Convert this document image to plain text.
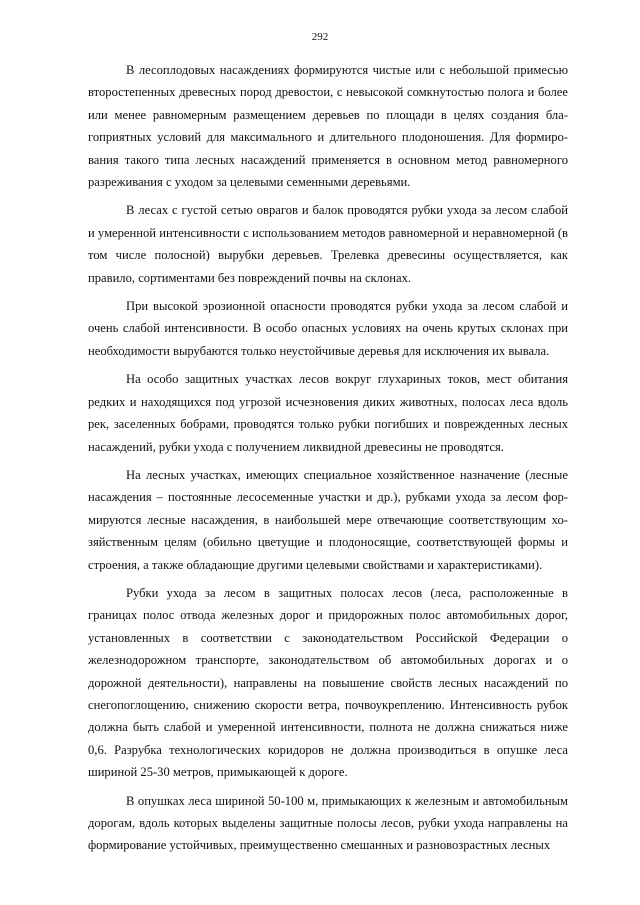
292

В лесоплодовых насаждениях формируются чистые или с небольшой примесью второстепенных древесных пород древостои, с невысокой сомкнутостью полога и более или менее равномерным размещением деревьев по площади в целях создания благоприятных условий для максимального и длительного плодоношения. Для формирования такого типа лесных насаждений применяется в основном метод равномерного разреживания с уходом за целевыми семенными деревьями.

В лесах с густой сетью оврагов и балок проводятся рубки ухода за лесом слабой и умеренной интенсивности с использованием методов равномерной и неравномерной (в том числе полосной) вырубки деревьев. Трелевка древесины осуществляется, как правило, сортиментами без повреждений почвы на склонах.

При высокой эрозионной опасности проводятся рубки ухода за лесом слабой и очень слабой интенсивности. В особо опасных условиях на очень крутых склонах при необходимости вырубаются только неустойчивые деревья для исключения их вывала.

На особо защитных участках лесов вокруг глухариных токов, мест обитания редких и находящихся под угрозой исчезновения диких животных, полосах леса вдоль рек, заселенных бобрами, проводятся только рубки погибших и поврежденных лесных насаждений, рубки ухода с получением ликвидной древесины не проводятся.

На лесных участках, имеющих специальное хозяйственное назначение (лесные насаждения – постоянные лесосеменные участки и др.), рубками ухода за лесом формируются лесные насаждения, в наибольшей мере отвечающие соответствующим хозяйственным целям (обильно цветущие и плодоносящие, соответствующей формы и строения, а также обладающие другими целевыми свойствами и характеристиками).

Рубки ухода за лесом в защитных полосах лесов (леса, расположенные в границах полос отвода железных дорог и придорожных полос автомобильных дорог, установленных в соответствии с законодательством Российской Федерации о железнодорожном транспорте, законодательством об автомобильных дорогах и о дорожной деятельности), направлены на повышение свойств лесных насаждений по снегопоглощению, снижению скорости ветра, почвоукреплению. Интенсивность рубок должна быть слабой и умеренной интенсивности, полнота не должна снижаться ниже 0,6. Разрубка технологических коридоров не должна производиться в опушке леса шириной 25-30 метров, примыкающей к дороге.

В опушках леса шириной 50-100 м, примыкающих к железным и автомобильным дорогам, вдоль которых выделены защитные полосы лесов, рубки ухода направлены на формирование устойчивых, преимущественно смешанных и разновозрастных лесных
